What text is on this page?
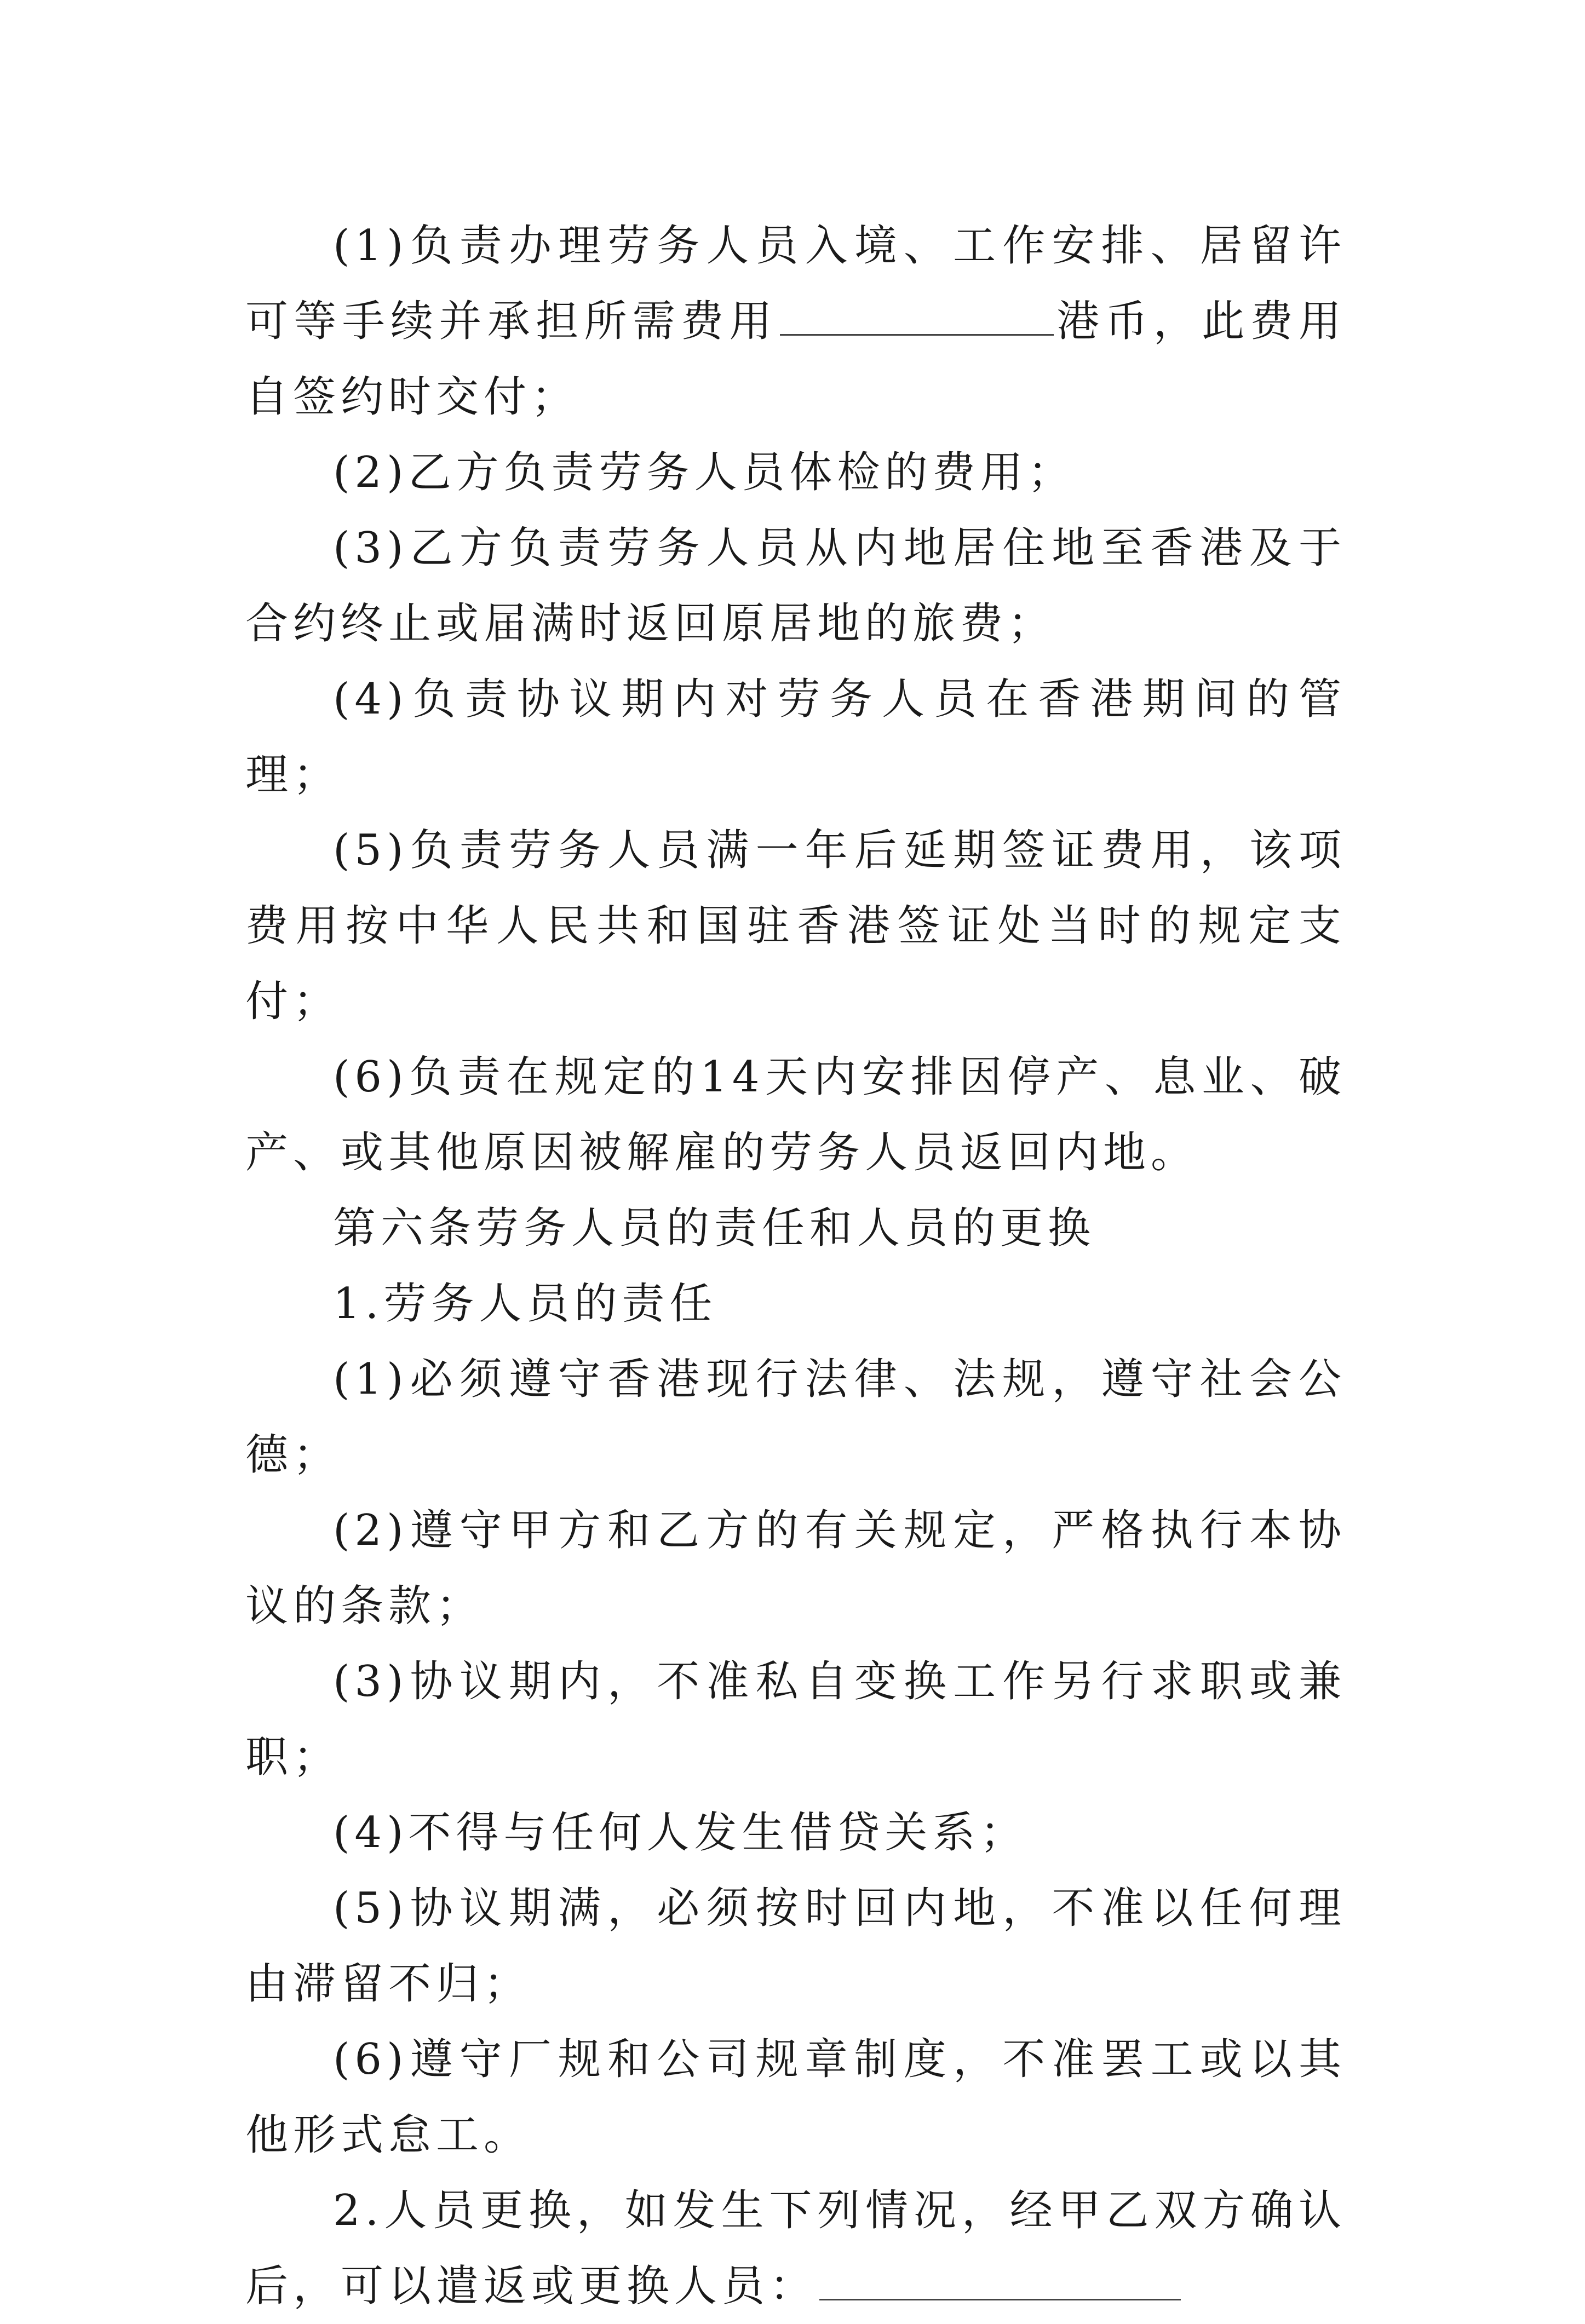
(1)负责办理劳务人员入境、工作安排、居留许可等手续并承担所需费用	港币，此费用自签约时交付；

(2)乙方负责劳务人员体检的费用；

(3)乙方负责劳务人员从内地居住地至香港及于合约终止或届满时返回原居地的旅费；

(4)负责协议期内对劳务人员在香港期间的管理；

(5)负责劳务人员满一年后延期签证费用，该项费用按中华人民共和国驻香港签证处当时的规定支付；

(6)负责在规定的14天内安排因停产、息业、破产、或其他原因被解雇的劳务人员返回内地。

第六条劳务人员的责任和人员的更换

1.劳务人员的责任

(1)必须遵守香港现行法律、法规，遵守社会公德；

(2)遵守甲方和乙方的有关规定，严格执行本协议的条款；

(3)协议期内，不准私自变换工作另行求职或兼职；

(4)不得与任何人发生借贷关系；

(5)协议期满，必须按时回内地，不准以任何理由滞留不归；

(6)遵守厂规和公司规章制度，不准罢工或以其他形式怠工。

2.人员更换，如发生下列情况，经甲乙双方确认后，可以遣返或更换人员：
